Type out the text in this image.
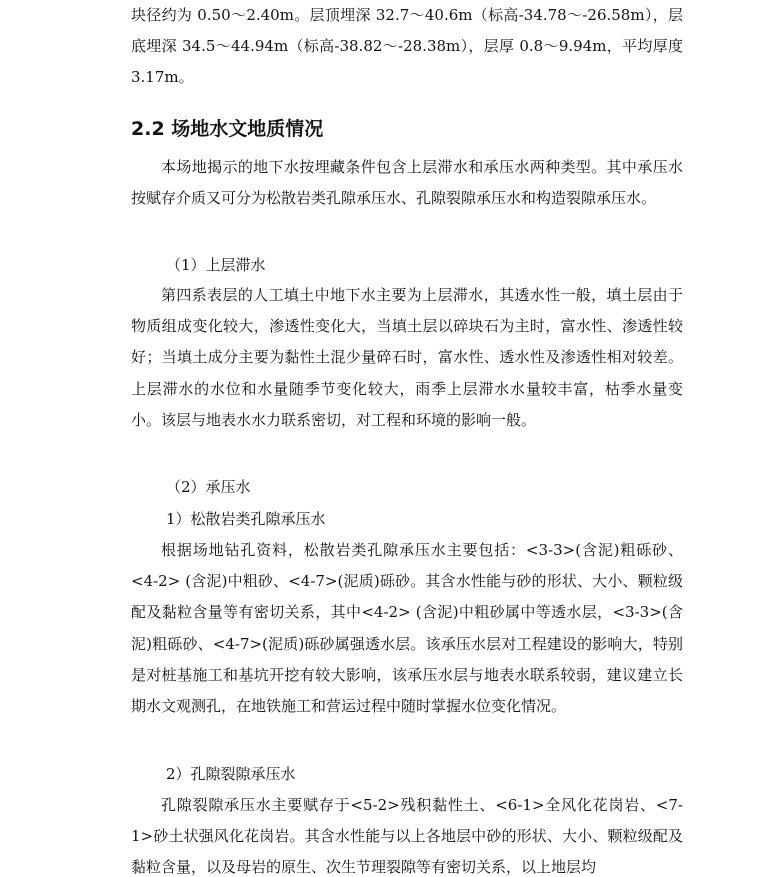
块径约为 0.50～2.40m。层顶埋深 32.7～40.6m（标高-34.78～-26.58m），层底埋深 34.5～44.94m（标高-38.82～-28.38m），层厚 0.8～9.94m，平均厚度 3.17m。

2.2 场地水文地质情况

本场地揭示的地下水按埋藏条件包含上层滞水和承压水两种类型。其中承压水按赋存介质又可分为松散岩类孔隙承压水、孔隙裂隙承压水和构造裂隙承压水。

（1）上层滞水

第四系表层的人工填土中地下水主要为上层滞水，其透水性一般，填土层由于物质组成变化较大，渗透性变化大，当填土层以碎块石为主时，富水性、渗透性较好；当填土成分主要为黏性土混少量碎石时，富水性、透水性及渗透性相对较差。上层滞水的水位和水量随季节变化较大，雨季上层滞水水量较丰富，枯季水量变小。该层与地表水水力联系密切，对工程和环境的影响一般。

（2）承压水

1）松散岩类孔隙承压水

根据场地钻孔资料，松散岩类孔隙承压水主要包括：<3-3>(含泥)粗砾砂、<4-2> (含泥)中粗砂、<4-7>(泥质)砾砂。其含水性能与砂的形状、大小、颗粒级配及黏粒含量等有密切关系，其中<4-2> (含泥)中粗砂属中等透水层，<3-3>(含泥)粗砾砂、<4-7>(泥质)砾砂属强透水层。该承压水层对工程建设的影响大，特别是对桩基施工和基坑开挖有较大影响，该承压水层与地表水联系较弱，建议建立长期水文观测孔，在地铁施工和营运过程中随时掌握水位变化情况。

2）孔隙裂隙承压水

孔隙裂隙承压水主要赋存于<5-2>残积黏性土、<6-1>全风化花岗岩、<7-1>砂土状强风化花岗岩。其含水性能与以上各地层中砂的形状、大小、颗粒级配及黏粒含量，以及母岩的原生、次生节理裂隙等有密切关系，以上地层均
